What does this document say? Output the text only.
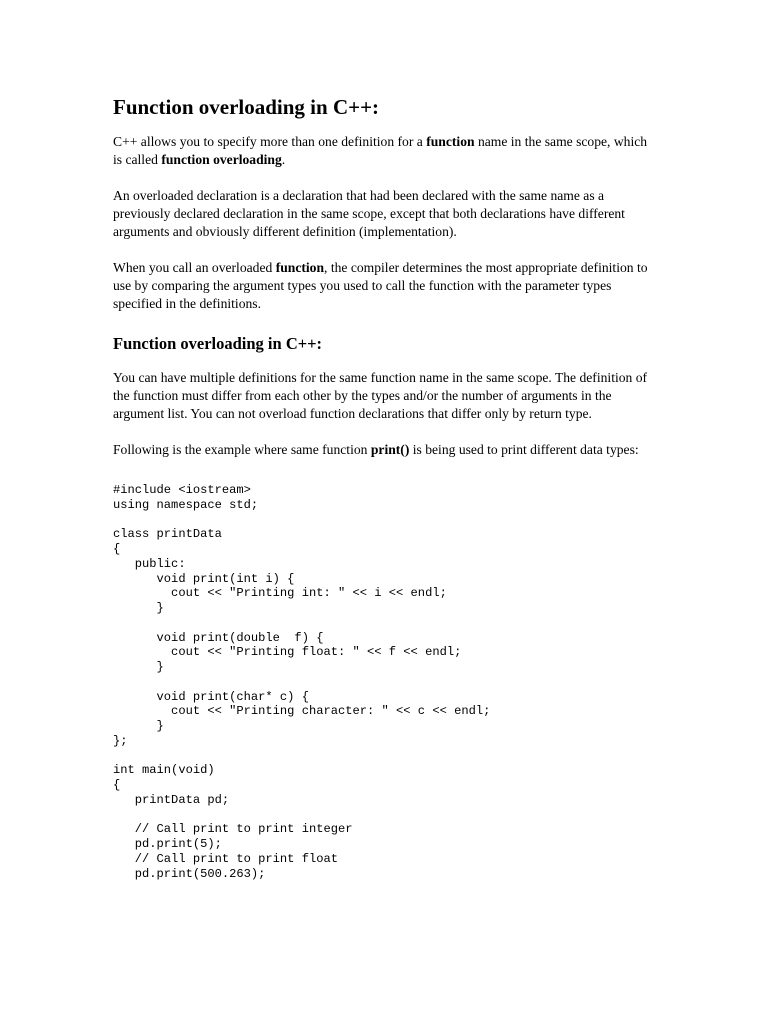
Function overloading in C++:
C++ allows you to specify more than one definition for a function name in the same scope, which is called function overloading.
An overloaded declaration is a declaration that had been declared with the same name as a previously declared declaration in the same scope, except that both declarations have different arguments and obviously different definition (implementation).
When you call an overloaded function, the compiler determines the most appropriate definition to use by comparing the argument types you used to call the function with the parameter types specified in the definitions.
Function overloading in C++:
You can have multiple definitions for the same function name in the same scope. The definition of the function must differ from each other by the types and/or the number of arguments in the argument list. You can not overload function declarations that differ only by return type.
Following is the example where same function print() is being used to print different data types:
#include <iostream>
using namespace std;
class printData
{
public:
void print(int i) {
cout << "Printing int: " << i << endl;
}
void print(double  f) {
cout << "Printing float: " << f << endl;
}
void print(char* c) {
cout << "Printing character: " << c << endl;
}
};
int main(void)
{
printData pd;
// Call print to print integer
pd.print(5);
// Call print to print float
pd.print(500.263);
